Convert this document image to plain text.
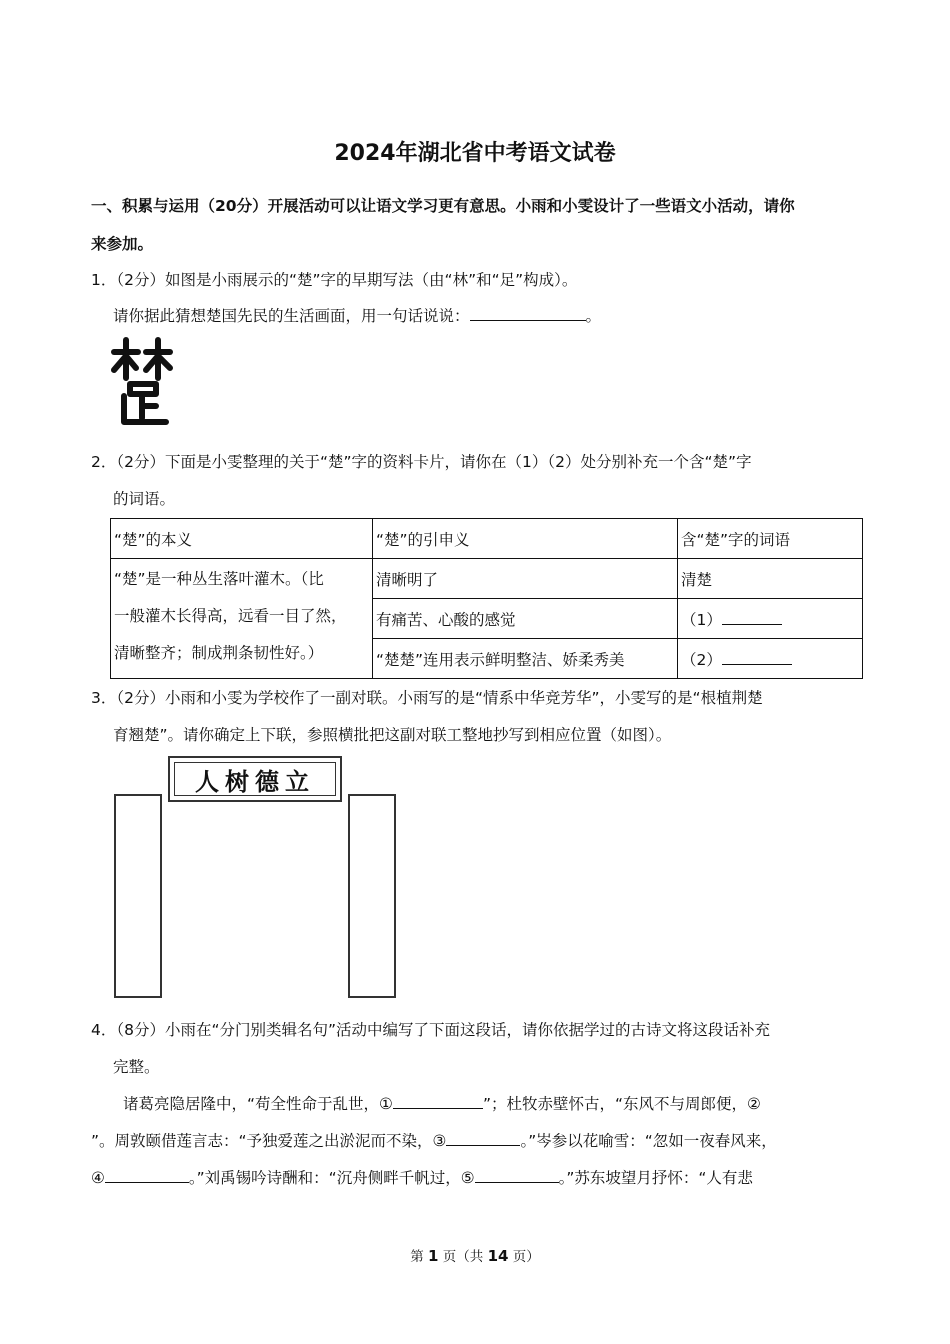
2024年湖北省中考语文试卷
一、积累与运用（20分）开展活动可以让语文学习更有意思。小雨和小雯设计了一些语文小活动，请你
来参加。
1．（2分）如图是小雨展示的“楚”字的早期写法（由“林”和“足”构成）。
请你据此猜想楚国先民的生活画面，用一句话说说：	。
2．（2分）下面是小雯整理的关于“楚”字的资料卡片，请你在（1）（2）处分别补充一个含“楚”字
的词语。
“楚”的本义	“楚”的引申义	含“楚”字的词语

“楚”是一种丛生落叶灌木。（比
一般灌木长得高，远看一目了然，
清晰整齐；制成荆条韧性好。）	清晰明了	清楚
	有痛苦、心酸的感觉	（1）
	“楚楚”连用表示鲜明整洁、娇柔秀美	（2）
3．（2分）小雨和小雯为学校作了一副对联。小雨写的是“情系中华竞芳华”，小雯写的是“根植荆楚
育翘楚”。请你确定上下联，参照横批把这副对联工整地抄写到相应位置（如图）。
人树德立
4．（8分）小雨在“分门别类辑名句”活动中编写了下面这段话，请你依据学过的古诗文将这段话补充
完整。
诸葛亮隐居隆中，“苟全性命于乱世，①	”；杜牧赤壁怀古，“东风不与周郎便，②
”。周敦颐借莲言志：“予独爱莲之出淤泥而不染，③	。”岑参以花喻雪：“忽如一夜春风来，
④	。”刘禹锡吟诗酬和：“沉舟侧畔千帆过，⑤	。”苏东坡望月抒怀：“人有悲
第 1 页（共 14 页）
